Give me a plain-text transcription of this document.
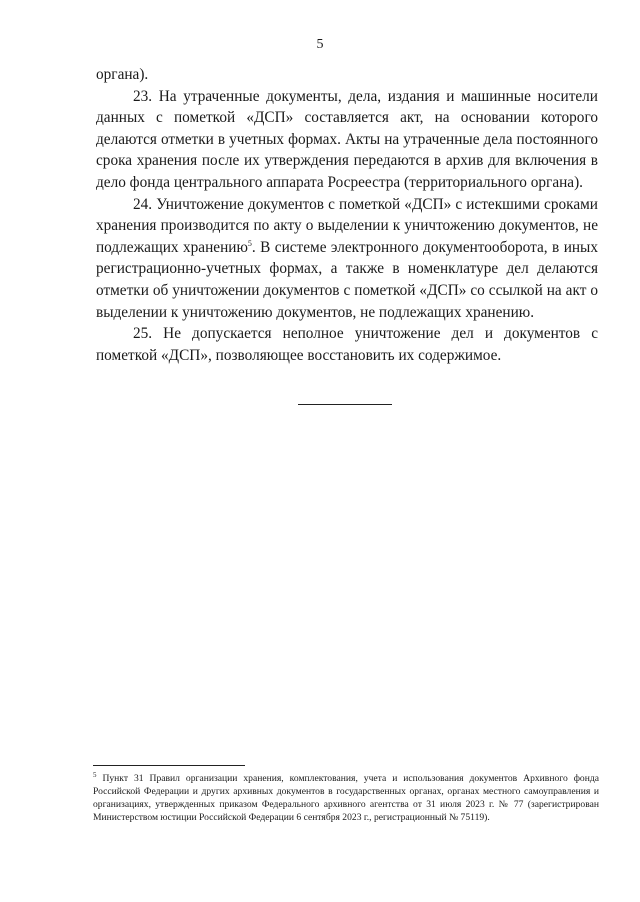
5

органа).

23. На утраченные документы, дела, издания и машинные носители данных с пометкой «ДСП» составляется акт, на основании которого делаются отметки в учетных формах. Акты на утраченные дела постоянного срока хранения после их утверждения передаются в архив для включения в дело фонда центрального аппарата Росреестра (территориального органа).

24. Уничтожение документов с пометкой «ДСП» с истекшими сроками хранения производится по акту о выделении к уничтожению документов, не подлежащих хранению$^5$. В системе электронного документооборота, в иных регистрационно-учетных формах, а также в номенклатуре дел делаются отметки об уничтожении документов с пометкой «ДСП» со ссылкой на акт о выделении к уничтожению документов, не подлежащих хранению.

25. Не допускается неполное уничтожение дел и документов с пометкой «ДСП», позволяющее восстановить их содержимое.

$^5$ Пункт 31 Правил организации хранения, комплектования, учета и использования документов Архивного фонда Российской Федерации и других архивных документов в государственных органах, органах местного самоуправления и организациях, утвержденных приказом Федерального архивного агентства от 31 июля 2023 г. № 77 (зарегистрирован Министерством юстиции Российской Федерации 6 сентября 2023 г., регистрационный № 75119).
